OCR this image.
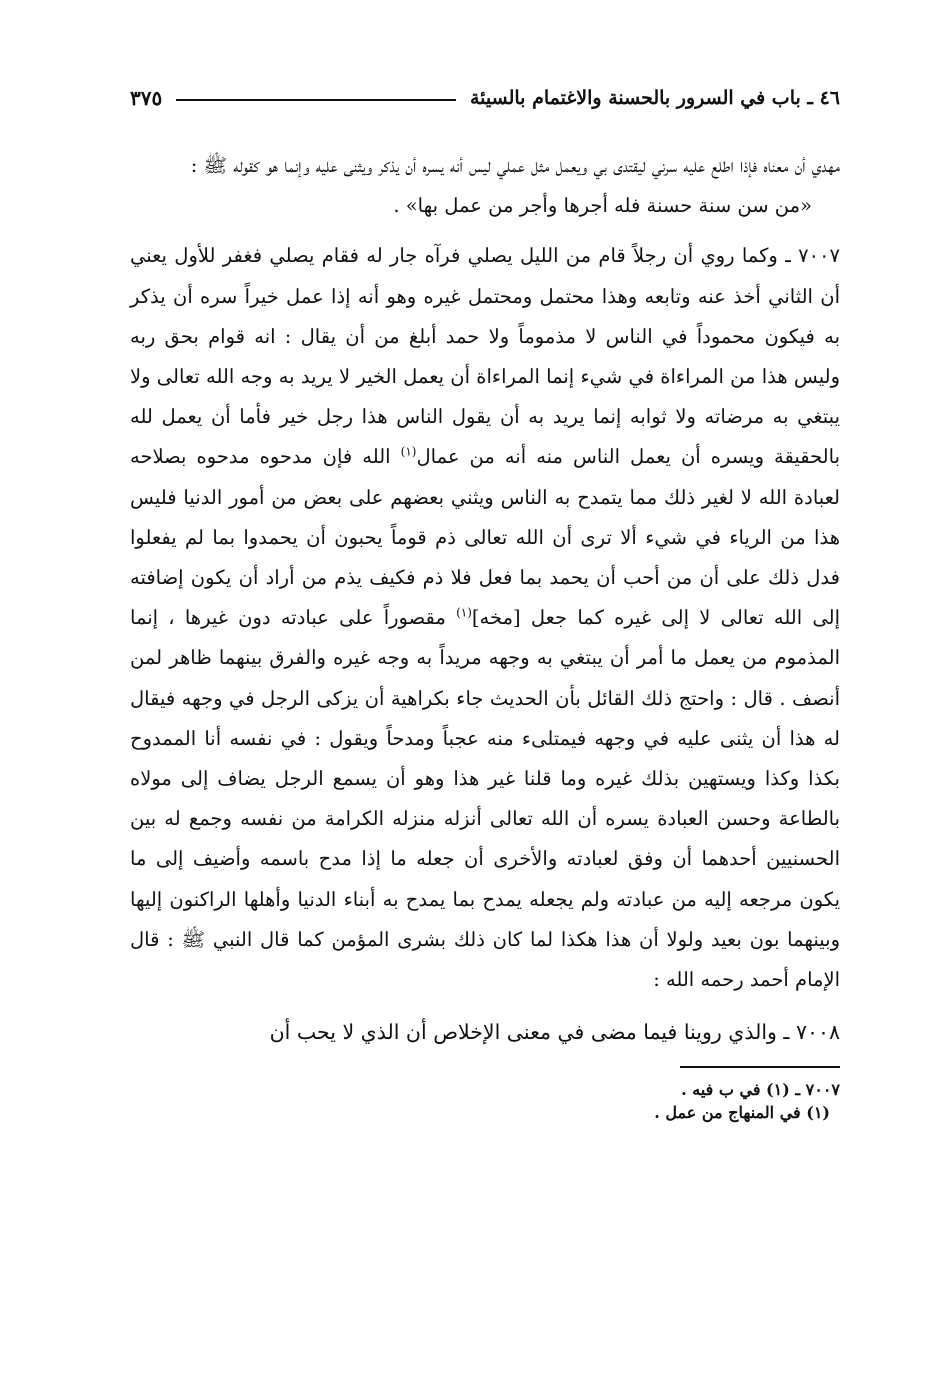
٤٦ ـ باب في السرور بالحسنة والاغتمام بالسيئة
٣٧٥

مهدي أن معناه فإذا اطلع عليه سرني ليقتدى بي ويعمل مثل عملي ليس أنه يسره أن يذكر ويثنى عليه وإنما هو كقوله ﷺ :

«من سن سنة حسنة فله أجرها وأجر من عمل بها» .

٧٠٠٧ ـ وكما روي أن رجلاً قام من الليل يصلي فرآه جار له فقام يصلي فغفر للأول يعني أن الثاني أخذ عنه وتابعه وهذا محتمل ومحتمل غيره وهو أنه إذا عمل خيراً سره أن يذكر به فيكون محموداً في الناس لا مذموماً ولا حمد أبلغ من أن يقال : انه قوام بحق ربه وليس هذا من المراءاة في شيء إنما المراءاة أن يعمل الخير لا يريد به وجه الله تعالى ولا يبتغي به مرضاته ولا ثوابه إنما يريد به أن يقول الناس هذا رجل خير فأما أن يعمل لله بالحقيقة ويسره أن يعمل الناس منه أنه من عمال$^{(١)}$ الله فإن مدحوه مدحوه بصلاحه لعبادة الله لا لغير ذلك مما يتمدح به الناس ويثني بعضهم على بعض من أمور الدنيا فليس هذا من الرياء في شيء ألا ترى أن الله تعالى ذم قوماً يحبون أن يحمدوا بما لم يفعلوا فدل ذلك على أن من أحب أن يحمد بما فعل فلا ذم فكيف يذم من أراد أن يكون إضافته إلى الله تعالى لا إلى غيره كما جعل [مخه]$^{(١)}$ مقصوراً على عبادته دون غيرها ، إنما المذموم من يعمل ما أمر أن يبتغي به وجهه مريداً به وجه غيره والفرق بينهما ظاهر لمن أنصف . قال : واحتج ذلك القائل بأن الحديث جاء بكراهية أن يزكى الرجل في وجهه فيقال له هذا أن يثنى عليه في وجهه فيمتلىء منه عجباً ومدحاً ويقول : في نفسه أنا الممدوح بكذا وكذا ويستهين بذلك غيره وما قلنا غير هذا وهو أن يسمع الرجل يضاف إلى مولاه بالطاعة وحسن العبادة يسره أن الله تعالى أنزله منزله الكرامة من نفسه وجمع له بين الحسنيين أحدهما أن وفق لعبادته والأخرى أن جعله ما إذا مدح باسمه وأضيف إلى ما يكون مرجعه إليه من عبادته ولم يجعله يمدح بما يمدح به أبناء الدنيا وأهلها الراكنون إليها وبينهما بون بعيد ولولا أن هذا هكذا لما كان ذلك بشرى المؤمن كما قال النبي ﷺ : قال الإمام أحمد رحمه الله :

٧٠٠٨ ـ والذي روينا فيما مضى في معنى الإخلاص أن الذي لا يحب أن

٧٠٠٧ ـ (١) في ب فيه .
(١) في المنهاج من عمل .
